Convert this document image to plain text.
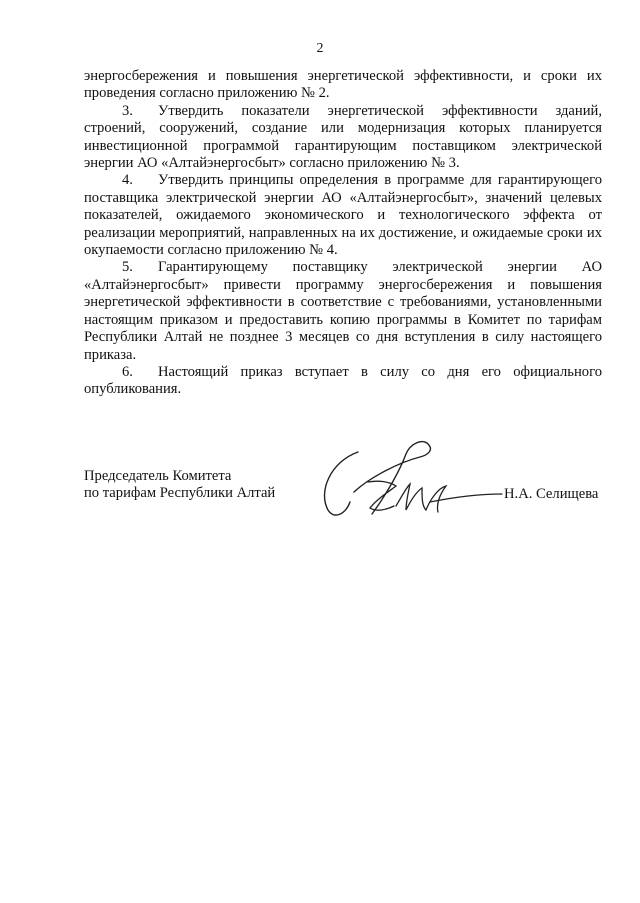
2

энергосбережения и повышения энергетической эффективности, и сроки их проведения согласно приложению № 2.

3. Утвердить показатели энергетической эффективности зданий, строений, сооружений, создание или модернизация которых планируется инвестиционной программой гарантирующим поставщиком электрической энергии АО «Алтайэнергосбыт» согласно приложению № 3.

4. Утвердить принципы определения в программе для гарантирующего поставщика электрической энергии АО «Алтайэнергосбыт», значений целевых показателей, ожидаемого экономического и технологического эффекта от реализации мероприятий, направленных на их достижение, и ожидаемые сроки их окупаемости согласно приложению № 4.

5. Гарантирующему поставщику электрической энергии АО «Алтайэнергосбыт» привести программу энергосбережения и повышения энергетической эффективности в соответствие с требованиями, установленными настоящим приказом и предоставить копию программы в Комитет по тарифам Республики Алтай не позднее 3 месяцев со дня вступления в силу настоящего приказа.

6. Настоящий приказ вступает в силу со дня его официального опубликования.

Председатель Комитета
по тарифам Республики Алтай	Н.А. Селищева
